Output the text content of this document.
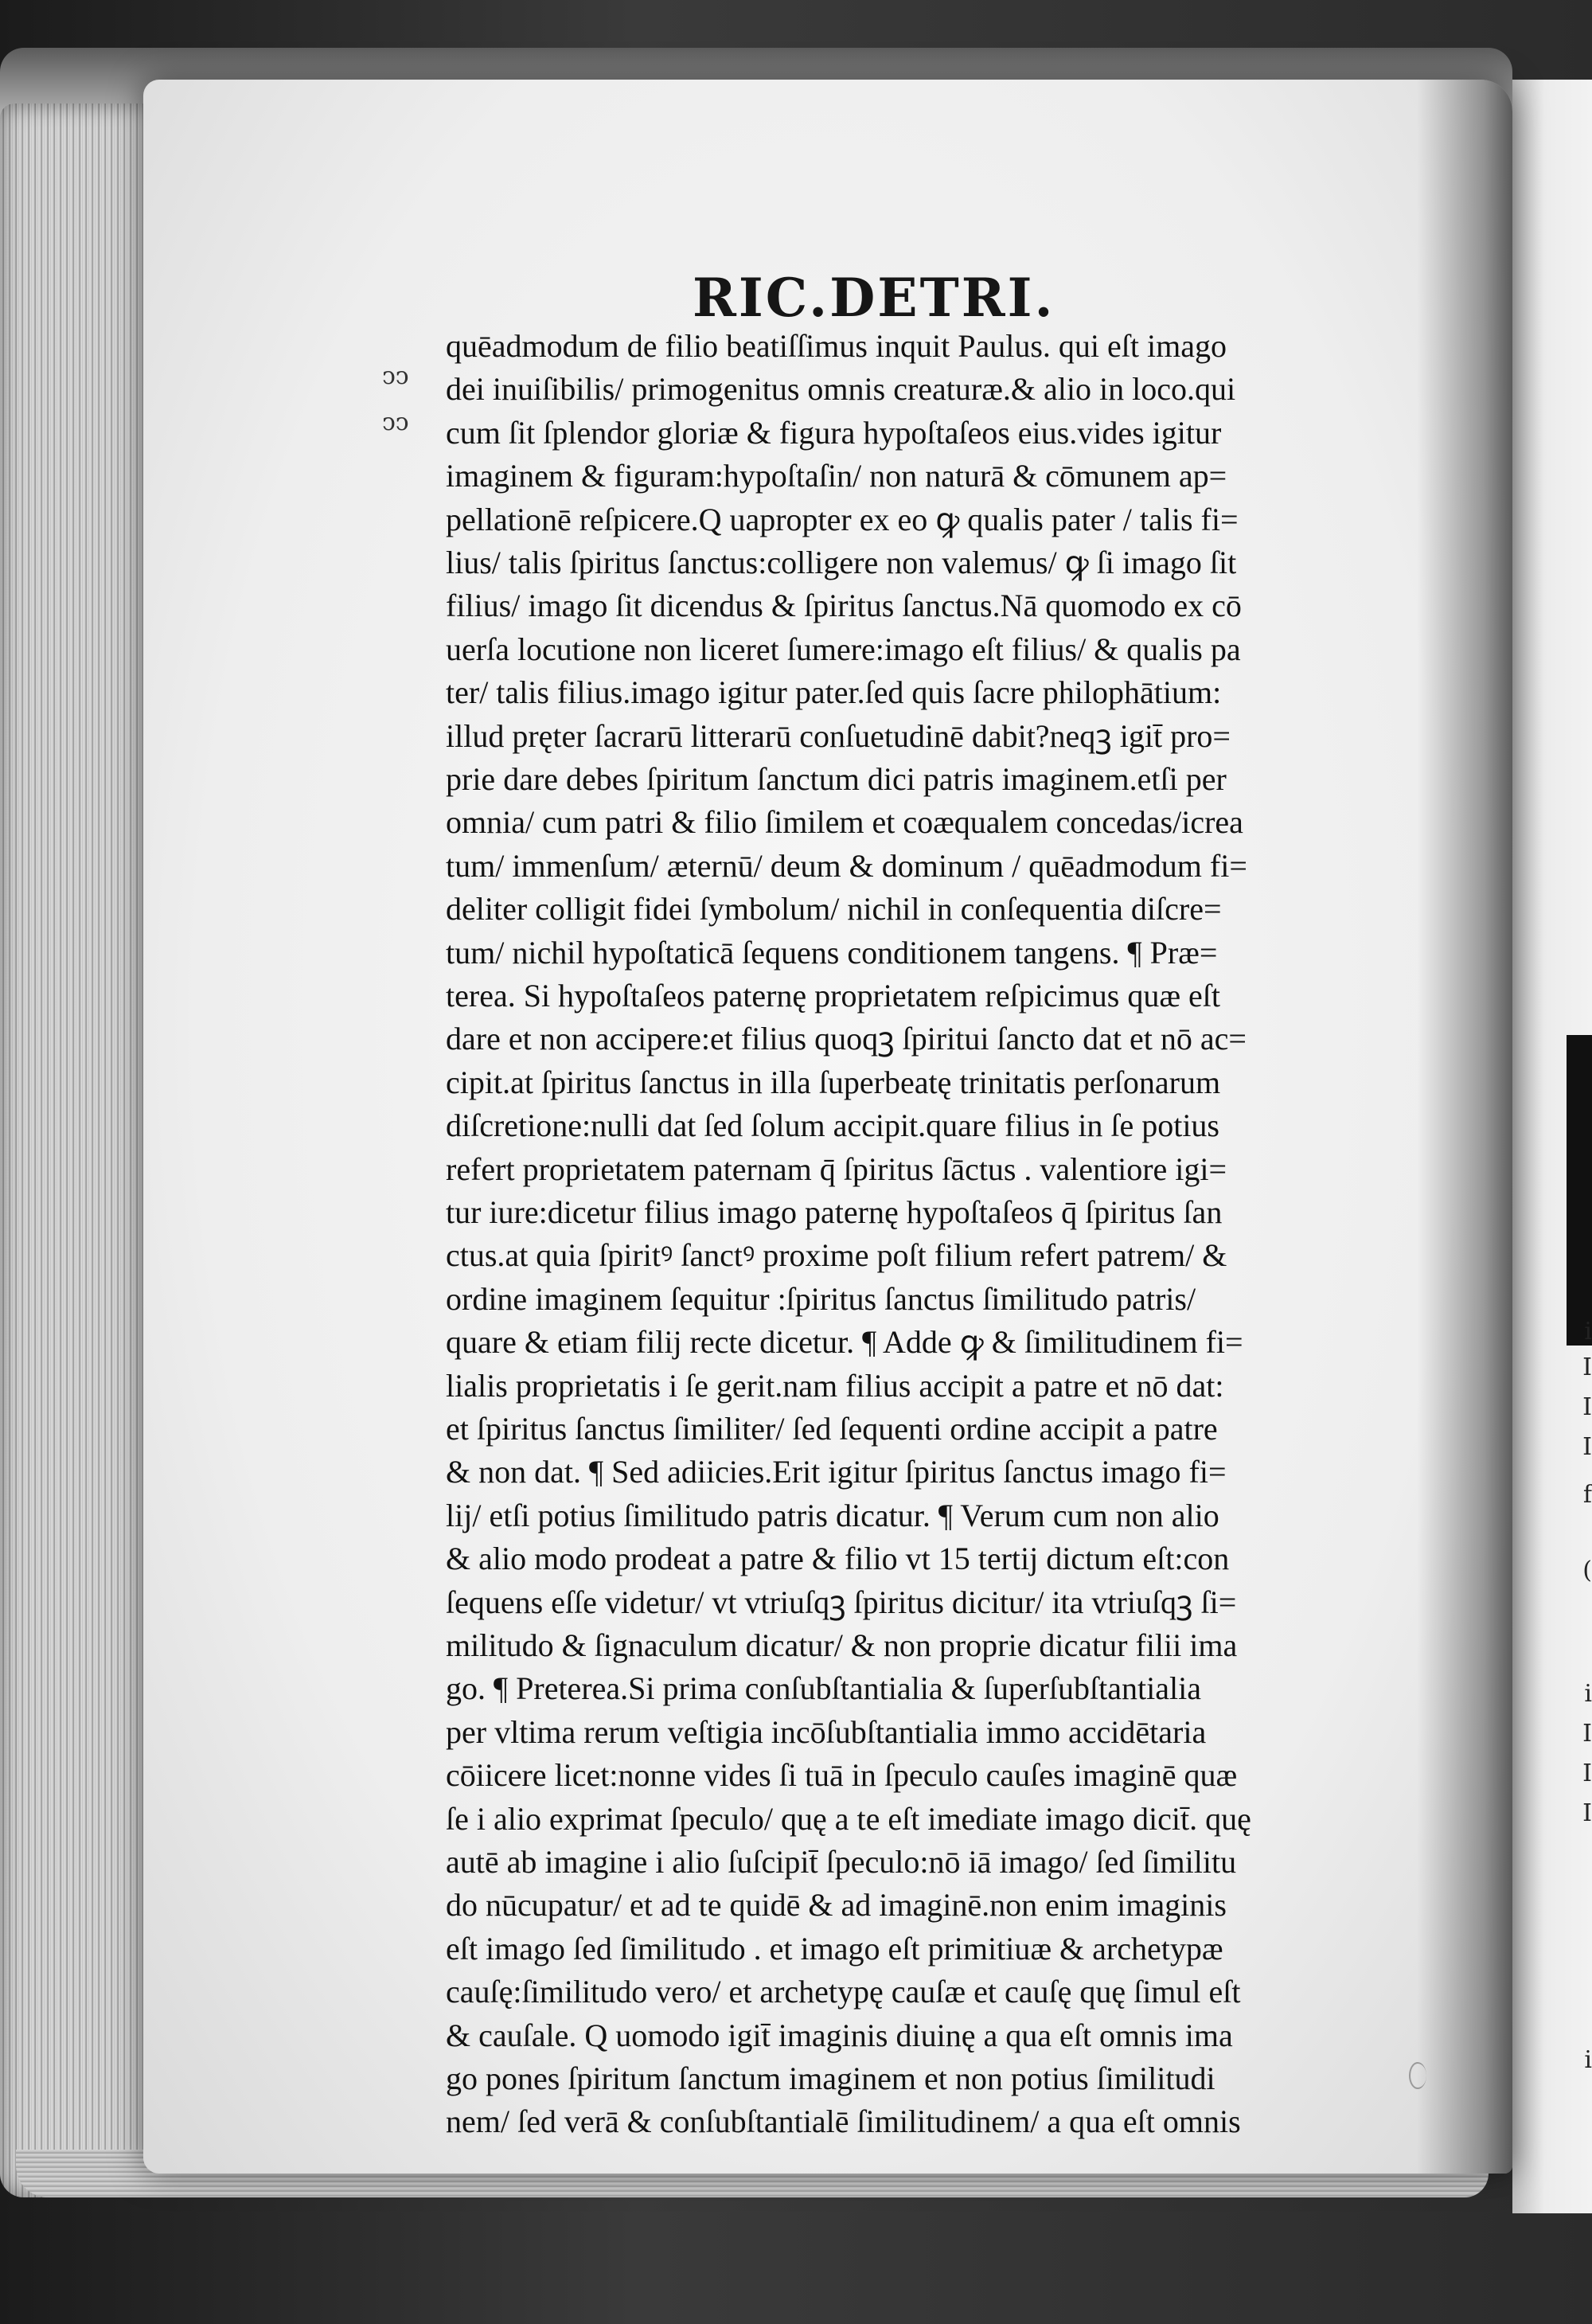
i
I
I
I
f
(
i
I
I
I
i
RIC.DETRI.
ↄↄ
ↄↄ
quēadmodum de filio beatiſſimus inquit Paulus. qui eſt imago
dei inuiſibilis/ primogenitus omnis creaturæ.& alio in loco.qui
cum ſit ſplendor gloriæ & figura hypoſtaſeos eius.vides igitur
imaginem & figuram:hypoſtaſin/ non naturā & cōmunem ap=
pellationē reſpicere.Q uapropter ex eo ꝙ qualis pater / talis fi=
lius/ talis ſpiritus ſanctus:colligere non valemus/ ꝙ ſi imago ſit
filius/ imago ſit dicendus & ſpiritus ſanctus.Nā quomodo ex cō
uerſa locutione non liceret ſumere:imago eſt filius/ & qualis pa
ter/ talis filius.imago igitur pater.ſed quis ſacre philophātium:
illud pręter ſacrarū litterarū conſuetudinē dabit?neqꝫ igit̄ pro=
prie dare debes ſpiritum ſanctum dici patris imaginem.etſi per
omnia/ cum patri & filio ſimilem et coæqualem concedas/icrea
tum/ immenſum/ æternū/ deum & dominum / quēadmodum fi=
deliter colligit fidei ſymbolum/ nichil in conſequentia diſcre=
tum/ nichil hypoſtaticā ſequens conditionem tangens. ¶ Præ=
terea. Si hypoſtaſeos paternę proprietatem reſpicimus quæ eſt
dare et non accipere:et filius quoqꝫ ſpiritui ſancto dat et nō ac=
cipit.at ſpiritus ſanctus in illa ſuperbeatę trinitatis perſonarum
diſcretione:nulli dat ſed ſolum accipit.quare filius in ſe potius
refert proprietatem paternam q̄ ſpiritus ſāctus . valentiore igi=
tur iure:dicetur filius imago paternę hypoſtaſeos q̄ ſpiritus ſan
ctus.at quia ſpiritꝰ ſanctꝰ proxime poſt filium refert patrem/ &
ordine imaginem ſequitur :ſpiritus ſanctus ſimilitudo patris/
quare & etiam filij recte dicetur. ¶ Adde ꝙ & ſimilitudinem fi=
lialis proprietatis i ſe gerit.nam filius accipit a patre et nō dat:
et ſpiritus ſanctus ſimiliter/ ſed ſequenti ordine accipit a patre
& non dat. ¶ Sed adiicies.Erit igitur ſpiritus ſanctus imago fi=
lij/ etſi potius ſimilitudo patris dicatur. ¶ Verum cum non alio
& alio modo prodeat a patre & filio vt 15 tertij dictum eſt:con
ſequens eſſe videtur/ vt vtriuſqꝫ ſpiritus dicitur/ ita vtriuſqꝫ ſi=
militudo & ſignaculum dicatur/ & non proprie dicatur filii ima
go. ¶ Preterea.Si prima conſubſtantialia & ſuperſubſtantialia
per vltima rerum veſtigia incōſubſtantialia immo accidētaria
cōiicere licet:nonne vides ſi tuā in ſpeculo cauſes imaginē quæ
ſe i alio exprimat ſpeculo/ quę a te eſt imediate imago dicit̄. quę
autē ab imagine i alio ſuſcipit̄ ſpeculo:nō iā imago/ ſed ſimilitu
do nūcupatur/ et ad te quidē & ad imaginē.non enim imaginis
eſt imago ſed ſimilitudo . et imago eſt primitiuæ & archetypæ
cauſę:ſimilitudo vero/ et archetypę cauſæ et cauſę quę ſimul eſt
& cauſale. Q uomodo igit̄ imaginis diuinę a qua eſt omnis ima
go pones ſpiritum ſanctum imaginem et non potius ſimilitudi
nem/ ſed verā & conſubſtantialē ſimilitudinem/ a qua eſt omnis
